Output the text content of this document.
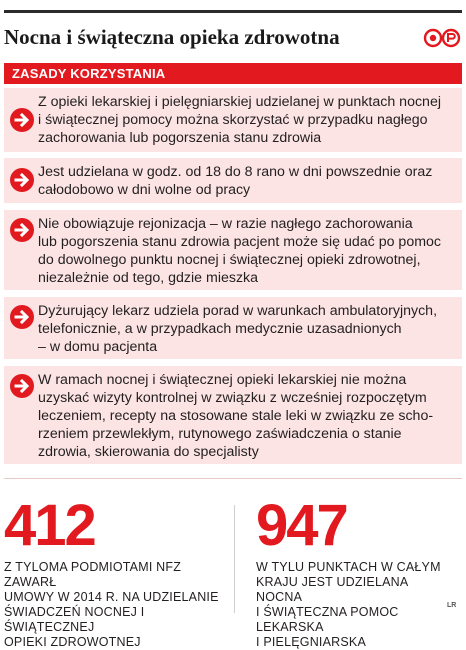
Nocna i świąteczna opieka zdrowotna
ZASADY KORZYSTANIA
Z opieki lekarskiej i pielęgniarskiej udzielanej w punktach nocnej
i świątecznej pomocy można skorzystać w przypadku nagłego
zachorowania lub pogorszenia stanu zdrowia
Jest udzielana w godz. od 18 do 8 rano w dni powszednie oraz
całodobowo w dni wolne od pracy
Nie obowiązuje rejonizacja – w razie nagłego zachorowania
lub pogorszenia stanu zdrowia pacjent może się udać po pomoc
do dowolnego punktu nocnej i świątecznej opieki zdrowotnej,
niezależnie od tego, gdzie mieszka
Dyżurujący lekarz udziela porad w warunkach ambulatoryjnych,
telefonicznie, a w przypadkach medycznie uzasadnionych
– w domu pacjenta
W ramach nocnej i świątecznej opieki lekarskiej nie można
uzyskać wizyty kontrolnej w związku z wcześniej rozpoczętym
leczeniem, recepty na stosowane stale leki w związku ze scho-
rzeniem przewlekłym, rutynowego zaświadczenia o stanie
zdrowia, skierowania do specjalisty
412
Z TYLOMA PODMIOTAMI NFZ ZAWARŁ
UMOWY W 2014 R. NA UDZIELANIE
ŚWIADCZEŃ NOCNEJ I ŚWIĄTECZNEJ
OPIEKI ZDROWOTNEJ
947
W TYLU PUNKTACH W CAŁYM
KRAJU JEST UDZIELANA NOCNA
I ŚWIĄTECZNA POMOC LEKARSKA
I PIELĘGNIARSKA
LR
